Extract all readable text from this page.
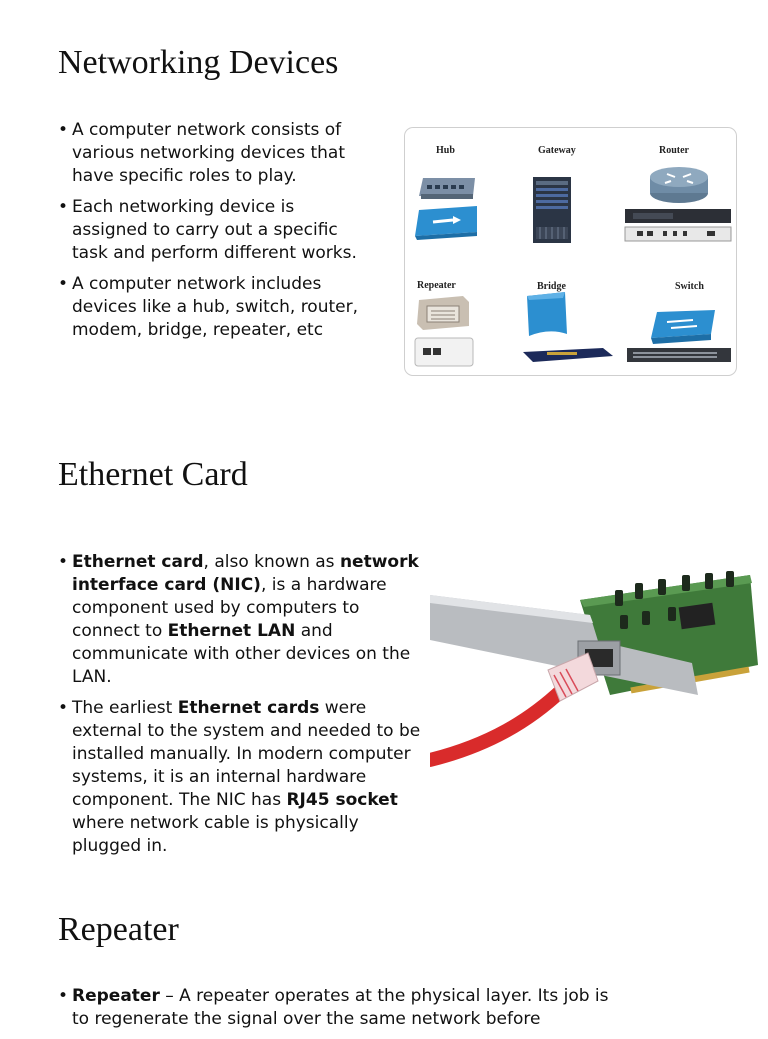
Networking Devices
• A computer network consists of various networking devices that have specific roles to play.
• Each networking device is assigned to carry out a specific task and perform different works.
• A computer network includes devices like a hub, switch, router, modem, bridge, repeater, etc
Hub	Gateway	Router
Repeater	Bridge	Switch
Ethernet Card
• Ethernet card, also known as network interface card (NIC), is a hardware component used by computers to connect to Ethernet LAN and communicate with other devices on the LAN.
• The earliest Ethernet cards were external to the system and needed to be installed manually. In modern computer systems, it is an internal hardware component. The NIC has RJ45 socket where network cable is physically plugged in.
Repeater
• Repeater – A repeater operates at the physical layer. Its job is to regenerate the signal over the same network before
